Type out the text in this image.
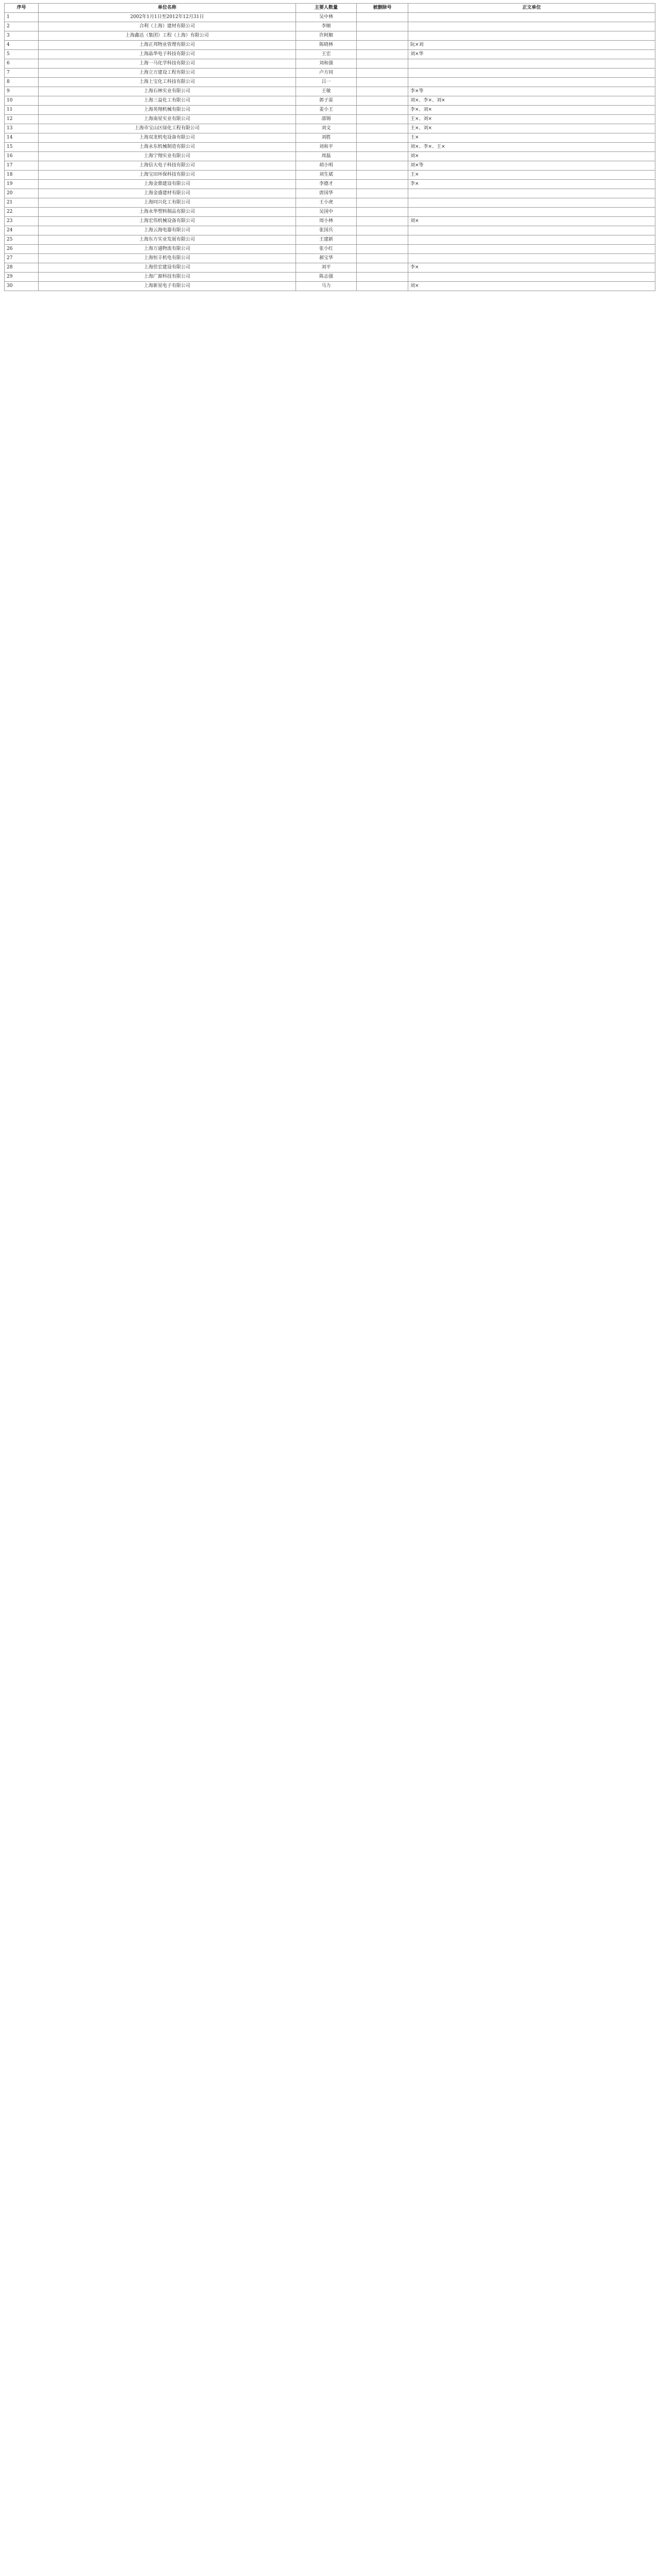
序号	单位名称	主要人数量	被删除号	正文单位
1	2002年1月1日至2012年12月31日	吴中林		
2	合利（上海）建材有限公司	李顺		
3	上海鑫达（集团）工程（上海）有限公司	许阿顺		
4	上海正邦物业管理有限公司	陈晓林		阮×刘
5	上海晶华电子科技有限公司	王宏		刘×华
6	上海一马化学科技有限公司	刘和强		
7	上海立万建设工程有限公司	卢方同		
8	上海上宝化工科技有限公司	吕一		
9	上海石林实业有限公司	王敏		李×等
10	上海三益化工有限公司	郭子雷		刘×、李×、刘×
11	上海英翔机械有限公司	姜小王		李×、刘×
12	上海南星实业有限公司	邵锡		王×、刘×
13	上海市宝山区绿化工程有限公司	刘文		王×、刘×
14	上海双龙机电设备有限公司	刘胜		王×
15	上海永东机械制造有限公司	刘和平		刘×、李×、王×
16	上海宁翔实业有限公司	周磊		刘×
17	上海信大电子科技有限公司	胡小明		刘×等
18	上海宝田环保科技有限公司	刘生斌		王×
19	上海金鼎建设有限公司	李德才		李×
20	上海金盛建材有限公司	唐国华		
21	上海同兴化工有限公司	王小虎		
22	上海永华塑料制品有限公司	吴国中		
23	上海宏伟机械设备有限公司	周小林		刘×
24	上海云海电器有限公司	张国兵		
25	上海东方实业发展有限公司	王建新		
26	上海万通物流有限公司	张小红		
27	上海恒丰机电有限公司	郝宝华		
28	上海佳宏建设有限公司	刘平		李×
29	上海广源科技有限公司	陈志强		
30	上海新星电子有限公司	马力		刘×
